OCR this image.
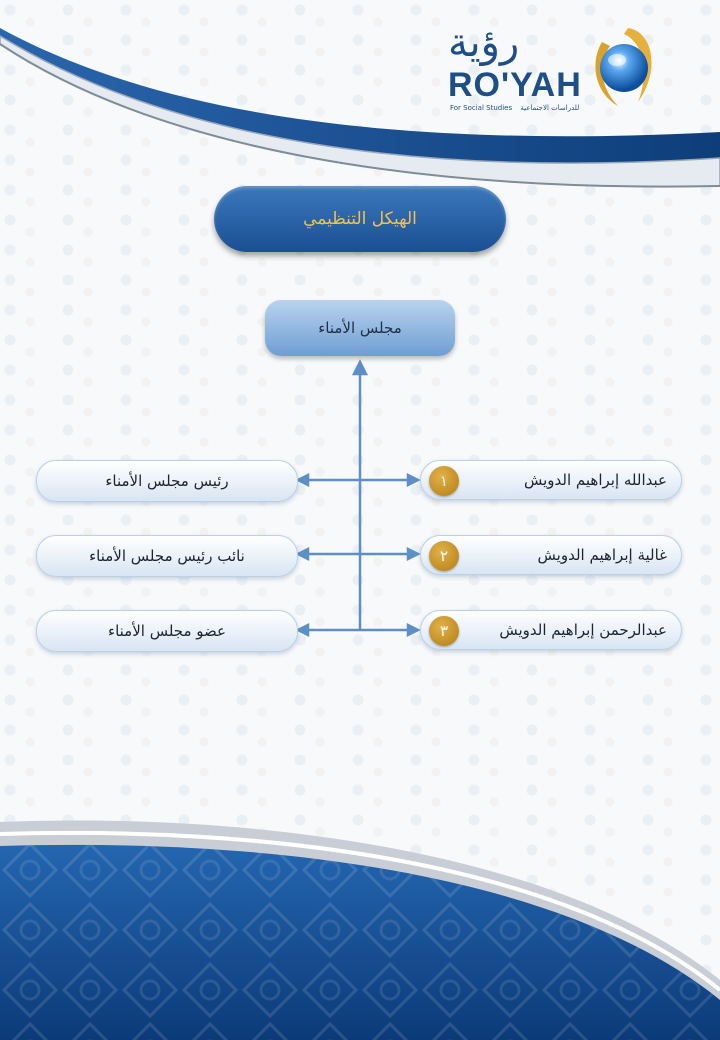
رؤية
RO'YAH
For Social Studies للدراسات الاجتماعية
الهيكل التنظيمي
مجلس الأمناء
عبدالله إبراهيم الدويش
١
رئيس مجلس الأمناء
غالية إبراهيم الدويش
٢
نائب رئيس مجلس الأمناء
عبدالرحمن إبراهيم الدويش
٣
عضو مجلس الأمناء
